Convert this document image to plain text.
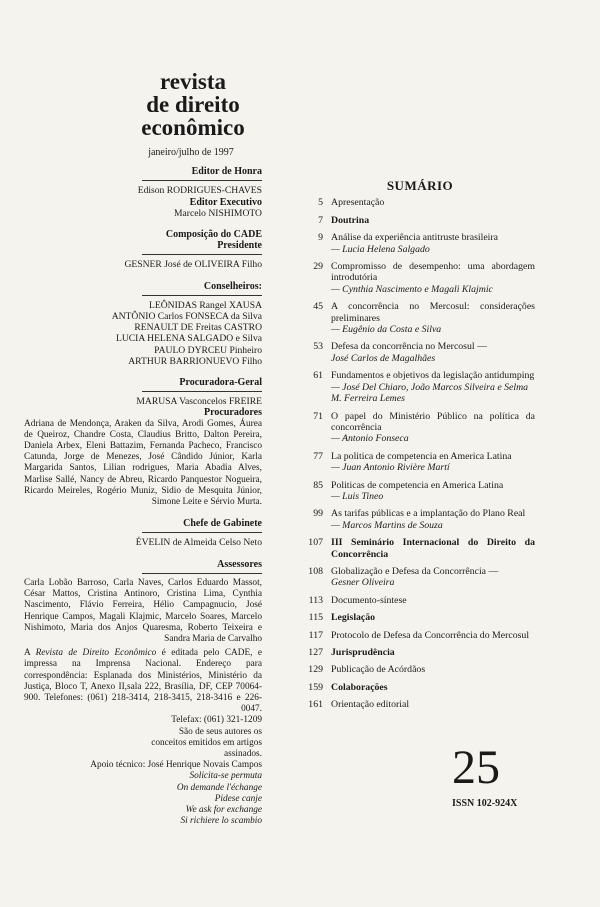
revista
de direito
econômico
janeiro/julho de 1997
Editor de Honra
Edison RODRIGUES-CHAVES
Editor Executivo
Marcelo NISHIMOTO
Composição do CADE
Presidente
GESNER José de OLIVEIRA Filho
Conselheiros:
LEÔNIDAS Rangel XAUSA
ANTÔNIO Carlos FONSECA da Silva
RENAULT DE Freitas CASTRO
LUCIA HELENA SALGADO e Silva
PAULO DYRCEU Pinheiro
ARTHUR BARRIONUEVO Filho
Procuradora-Geral
MARUSA Vasconcelos FREIRE
Procuradores
Adriana de Mendonça, Araken da Silva, Arodi Gomes, Áurea de Queiroz, Chandre Costa, Claudius Britto, Dalton Pereira, Daniela Arbex, Eleni Battazim, Fernanda Pacheco, Francisco Catunda, Jorge de Menezes, José Cândido Júnior, Karla Margarida Santos, Lilian rodrigues, Maria Abadia Alves, Marlise Sallé, Nancy de Abreu, Ricardo Panquestor Nogueira, Ricardo Meireles, Rogério Muniz, Sidio de Mesquita Júnior, Simone Leite e Sérvio Murta.
Chefe de Gabinete
ÉVELIN de Almeida Celso Neto
Assessores
Carla Lobão Barroso, Carla Naves, Carlos Eduardo Massot, César Mattos, Cristina Antinoro, Cristina Lima, Cynthia Nascimento, Flávio Ferreira, Hélio Campagnucio, José Henrique Campos, Magali Klajmic, Marcelo Soares, Marcelo Nishimoto, Maria dos Anjos Quaresma, Roberto Teixeira e Sandra Maria de Carvalho
A Revista de Direito Econômico é editada pelo CADE, e impressa na Imprensa Nacional. Endereço para correspondência: Esplanada dos Ministérios, Ministério da Justiça, Bloco T, Anexo II,sala 222, Brasília, DF, CEP 70064-900. Telefones: (061) 218-3414, 218-3415, 218-3416 e 226-0047.
Telefax: (061) 321-1209
São de seus autores os conceitos emitidos em artigos assinados.
Apoio técnico: José Henrique Novais Campos
Solicita-se permuta
On demande l'échange
Pidese canje
We ask for exchange
Si richiere lo scambio
SUMÁRIO
5 Apresentação
7 Doutrina
9 Análise da experiência antitruste brasileira
— Lucia Helena Salgado
29 Compromisso de desempenho: uma abordagem introdutória
— Cynthia Nascimento e Magali Klajmic
45 A concorrência no Mercosul: considerações preliminares
— Eugênio da Costa e Silva
53 Defesa da concorrência no Mercosul —
José Carlos de Magalhães
61 Fundamentos e objetivos da legislação antidumping
— José Del Chiaro, João Marcos Silveira e Selma M. Ferreira Lemes
71 O papel do Ministério Público na política da concorrência
— Antonio Fonseca
77 La politica de competencia en America Latina
— Juan Antonio Rivière Martí
85 Politicas de competencia en America Latina
— Luis Tineo
99 As tarifas públicas e a implantação do Plano Real
— Marcos Martins de Souza
107 III Seminário Internacional do Direito da Concorrência
108 Globalização e Defesa da Concorrência —
Gesner Oliveira
113 Documento-síntese
115 Legislação
117 Protocolo de Defesa da Concorrência do Mercosul
127 Jurisprudência
129 Publicação de Acórdãos
159 Colaborações
161 Orientação editorial
25
ISSN 102-924X
